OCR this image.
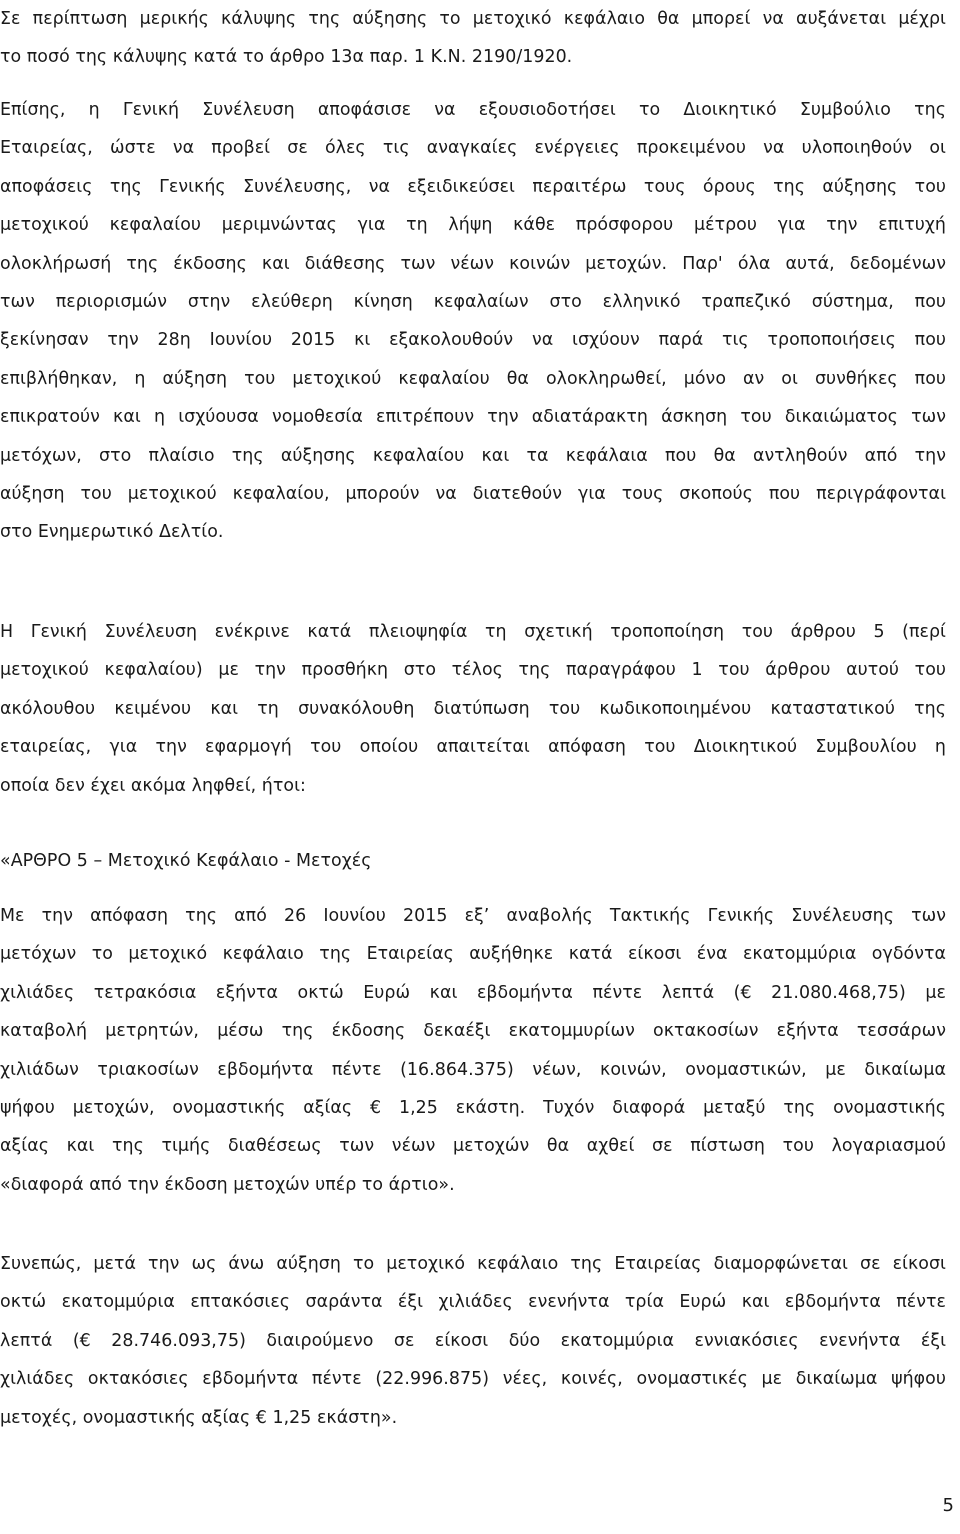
Σε περίπτωση μερικής κάλυψης της αύξησης το μετοχικό κεφάλαιο θα μπορεί να αυξάνεται μέχρι
το ποσό της κάλυψης κατά το άρθρο 13α παρ. 1 Κ.Ν. 2190/1920.
Επίσης, η Γενική Συνέλευση αποφάσισε να εξουσιοδοτήσει το Διοικητικό Συμβούλιο της
Εταιρείας, ώστε να προβεί σε όλες τις αναγκαίες ενέργειες προκειμένου να υλοποιηθούν οι
αποφάσεις της Γενικής Συνέλευσης, να εξειδικεύσει περαιτέρω τους όρους της αύξησης του
μετοχικού κεφαλαίου μεριμνώντας για τη λήψη κάθε πρόσφορου μέτρου για την επιτυχή
ολοκλήρωσή της έκδοσης και διάθεσης των νέων κοινών μετοχών. Παρ' όλα αυτά, δεδομένων
των περιορισμών στην ελεύθερη κίνηση κεφαλαίων στο ελληνικό τραπεζικό σύστημα, που
ξεκίνησαν την 28η Ιουνίου 2015 κι εξακολουθούν να ισχύουν παρά τις τροποποιήσεις που
επιβλήθηκαν, η αύξηση του μετοχικού κεφαλαίου θα ολοκληρωθεί, μόνο αν οι συνθήκες που
επικρατούν και η ισχύουσα νομοθεσία επιτρέπουν την αδιατάρακτη άσκηση του δικαιώματος των
μετόχων, στο πλαίσιο της αύξησης κεφαλαίου και τα κεφάλαια που θα αντληθούν από την
αύξηση του μετοχικού κεφαλαίου, μπορούν να διατεθούν για τους σκοπούς που περιγράφονται
στο Ενημερωτικό Δελτίο.
Η Γενική Συνέλευση ενέκρινε κατά πλειοψηφία τη σχετική τροποποίηση του άρθρου 5 (περί
μετοχικού κεφαλαίου) με την προσθήκη στο τέλος της παραγράφου 1 του άρθρου αυτού του
ακόλουθου κειμένου και τη συνακόλουθη διατύπωση του κωδικοποιημένου καταστατικού της
εταιρείας, για την εφαρμογή του οποίου απαιτείται απόφαση του Διοικητικού Συμβουλίου η
οποία δεν έχει ακόμα ληφθεί, ήτοι:
«ΑΡΘΡΟ 5 – Μετοχικό Κεφάλαιο - Μετοχές
Με την απόφαση της από 26 Ιουνίου 2015 εξ’ αναβολής Τακτικής Γενικής Συνέλευσης των
μετόχων το μετοχικό κεφάλαιο της Εταιρείας αυξήθηκε κατά είκοσι ένα εκατομμύρια ογδόντα
χιλιάδες τετρακόσια εξήντα οκτώ Ευρώ και εβδομήντα πέντε λεπτά (€ 21.080.468,75) με
καταβολή μετρητών, μέσω της έκδοσης δεκαέξι εκατομμυρίων οκτακοσίων εξήντα τεσσάρων
χιλιάδων τριακοσίων εβδομήντα πέντε (16.864.375) νέων, κοινών, ονομαστικών, με δικαίωμα
ψήφου μετοχών, ονομαστικής αξίας € 1,25 εκάστη. Τυχόν διαφορά μεταξύ της ονομαστικής
αξίας και της τιμής διαθέσεως των νέων μετοχών θα αχθεί σε πίστωση του λογαριασμού
«διαφορά από την έκδοση μετοχών υπέρ το άρτιο».
Συνεπώς, μετά την ως άνω αύξηση το μετοχικό κεφάλαιο της Εταιρείας διαμορφώνεται σε είκοσι
οκτώ εκατομμύρια επτακόσιες σαράντα έξι χιλιάδες ενενήντα τρία Ευρώ και εβδομήντα πέντε
λεπτά (€ 28.746.093,75) διαιρούμενο σε είκοσι δύο εκατομμύρια εννιακόσιες ενενήντα έξι
χιλιάδες οκτακόσιες εβδομήντα πέντε (22.996.875) νέες, κοινές, ονομαστικές με δικαίωμα ψήφου
μετοχές, ονομαστικής αξίας € 1,25 εκάστη».
5
